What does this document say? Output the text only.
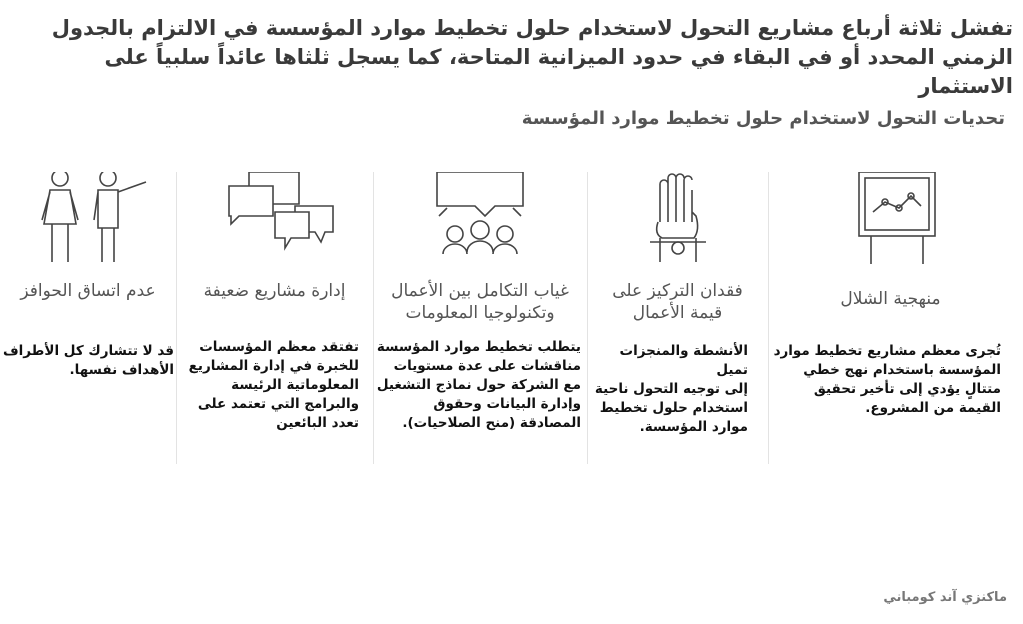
تفشل ثلاثة أرباع مشاريع التحول لاستخدام حلول تخطيط موارد المؤسسة في الالتزام بالجدول الزمني المحدد أو في البقاء في حدود الميزانية المتاحة، كما يسجل ثلثاها عائداً سلبياً على الاستثمار
تحديات التحول لاستخدام حلول تخطيط موارد المؤسسة
منهجية الشلال
تُجرى معظم مشاريع تخطيط موارد
المؤسسة باستخدام نهج خطي
متتالٍ يؤدي إلى تأخير تحقيق
القيمة من المشروع.
فقدان التركيز على
قيمة الأعمال
الأنشطة والمنجزات تميل
إلى توجيه التحول ناحية
استخدام حلول تخطيط
موارد المؤسسة.
غياب التكامل بين الأعمال
وتكنولوجيا المعلومات
يتطلب تخطيط موارد المؤسسة
مناقشات على عدة مستويات
مع الشركة حول نماذج التشغيل
وإدارة البيانات وحقوق
المصادقة (منح الصلاحيات).
إدارة مشاريع ضعيفة
تفتقد معظم المؤسسات
للخبرة في إدارة المشاريع
المعلوماتية الرئيسة
والبرامج التي تعتمد على
تعدد البائعين
عدم اتساق الحوافز
قد لا تتشارك كل الأطراف
الأهداف نفسها.
ماكنزي آند كومباني
